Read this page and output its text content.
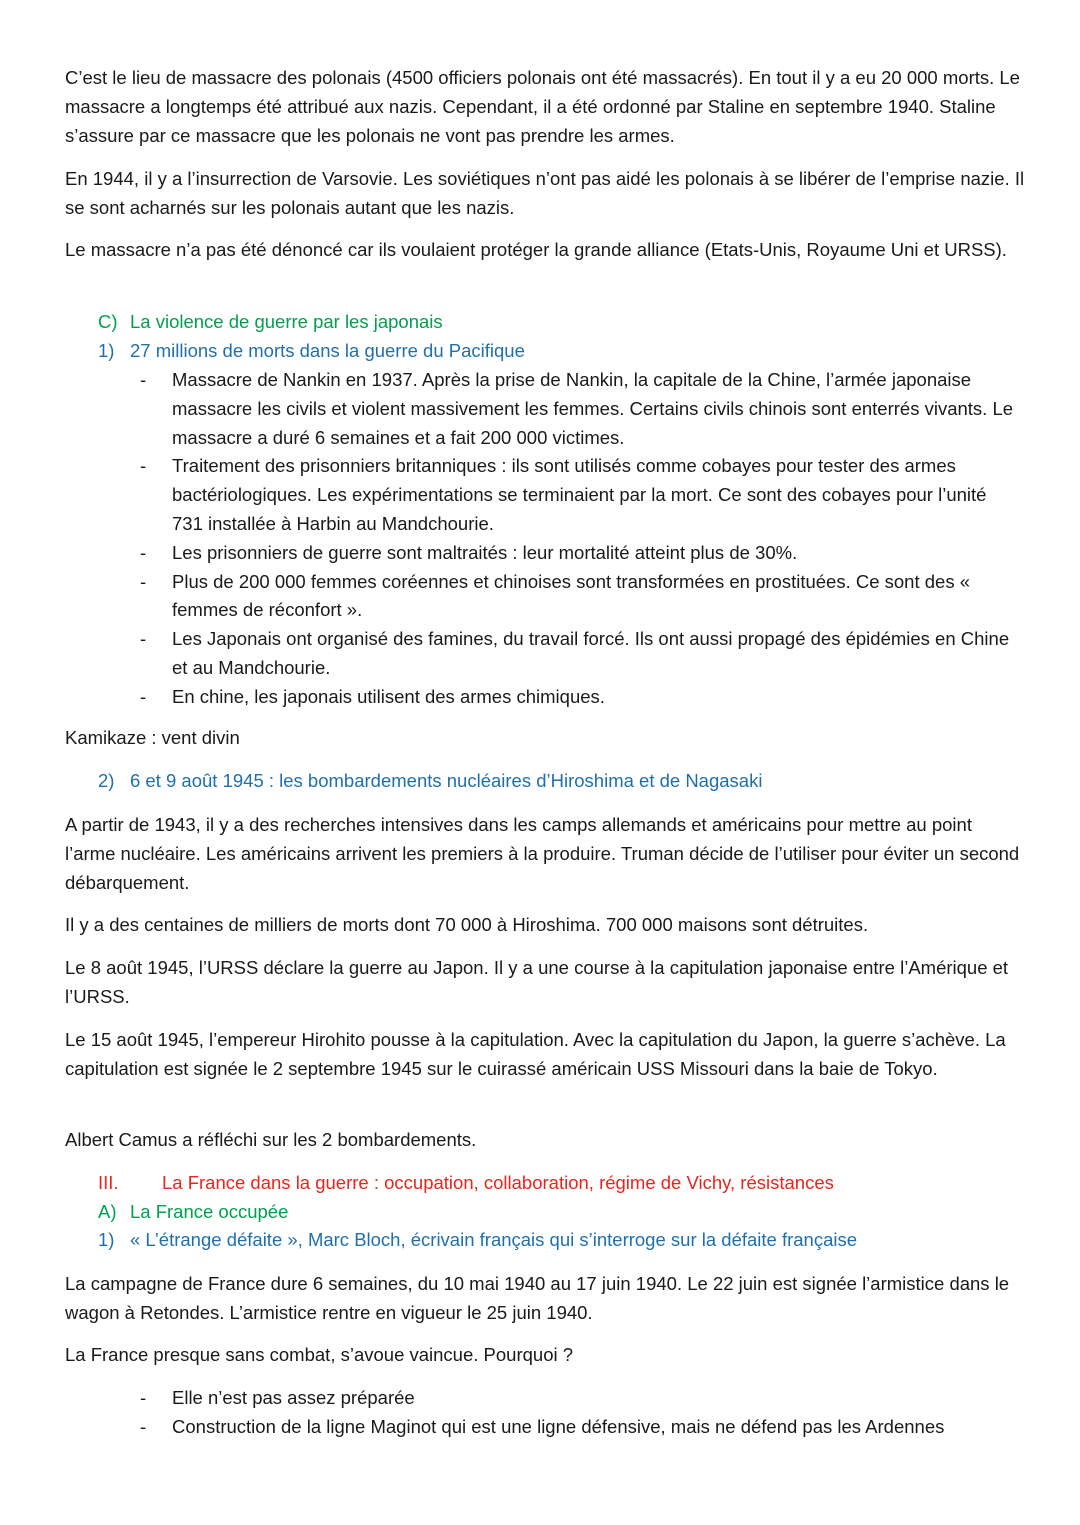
C’est le lieu de massacre des polonais (4500 officiers polonais ont été massacrés). En tout il y a eu 20 000 morts. Le massacre a longtemps été attribué aux nazis. Cependant, il a été ordonné par Staline en septembre 1940. Staline s’assure par ce massacre que les polonais ne vont pas prendre les armes.

En 1944, il y a l’insurrection de Varsovie. Les soviétiques n’ont pas aidé les polonais à se libérer de l’emprise nazie. Il se sont acharnés sur les polonais autant que les nazis.

Le massacre n’a pas été dénoncé car ils voulaient protéger la grande alliance (Etats-Unis, Royaume Uni et URSS).

C) La violence de guerre par les japonais
1) 27 millions de morts dans la guerre du Pacifique
- Massacre de Nankin en 1937. Après la prise de Nankin, la capitale de la Chine, l’armée japonaise massacre les civils et violent massivement les femmes. Certains civils chinois sont enterrés vivants. Le massacre a duré 6 semaines et a fait 200 000 victimes.
- Traitement des prisonniers britanniques : ils sont utilisés comme cobayes pour tester des armes bactériologiques. Les expérimentations se terminaient par la mort. Ce sont des cobayes pour l’unité 731 installée à Harbin au Mandchourie.
- Les prisonniers de guerre sont maltraités : leur mortalité atteint plus de 30%.
- Plus de 200 000 femmes coréennes et chinoises sont transformées en prostituées. Ce sont des « femmes de réconfort ».
- Les Japonais ont organisé des famines, du travail forcé. Ils ont aussi propagé des épidémies en Chine et au Mandchourie.
- En chine, les japonais utilisent des armes chimiques.

Kamikaze : vent divin

2) 6 et 9 août 1945 : les bombardements nucléaires d’Hiroshima et de Nagasaki

A partir de 1943, il y a des recherches intensives dans les camps allemands et américains pour mettre au point l’arme nucléaire. Les américains arrivent les premiers à la produire. Truman décide de l’utiliser pour éviter un second débarquement.

Il y a des centaines de milliers de morts dont 70 000 à Hiroshima. 700 000 maisons sont détruites.

Le 8 août 1945, l’URSS déclare la guerre au Japon. Il y a une course à la capitulation japonaise entre l’Amérique et l’URSS.

Le 15 août 1945, l’empereur Hirohito pousse à la capitulation. Avec la capitulation du Japon, la guerre s’achève. La capitulation est signée le 2 septembre 1945 sur le cuirassé américain USS Missouri dans la baie de Tokyo.

Albert Camus a réfléchi sur les 2 bombardements.

III. La France dans la guerre : occupation, collaboration, régime de Vichy, résistances
A) La France occupée
1) « L’étrange défaite », Marc Bloch, écrivain français qui s’interroge sur la défaite française

La campagne de France dure 6 semaines, du 10 mai 1940 au 17 juin 1940. Le 22 juin est signée l’armistice dans le wagon à Retondes. L’armistice rentre en vigueur le 25 juin 1940.

La France presque sans combat, s’avoue vaincue. Pourquoi ?

- Elle n’est pas assez préparée
- Construction de la ligne Maginot qui est une ligne défensive, mais ne défend pas les Ardennes
